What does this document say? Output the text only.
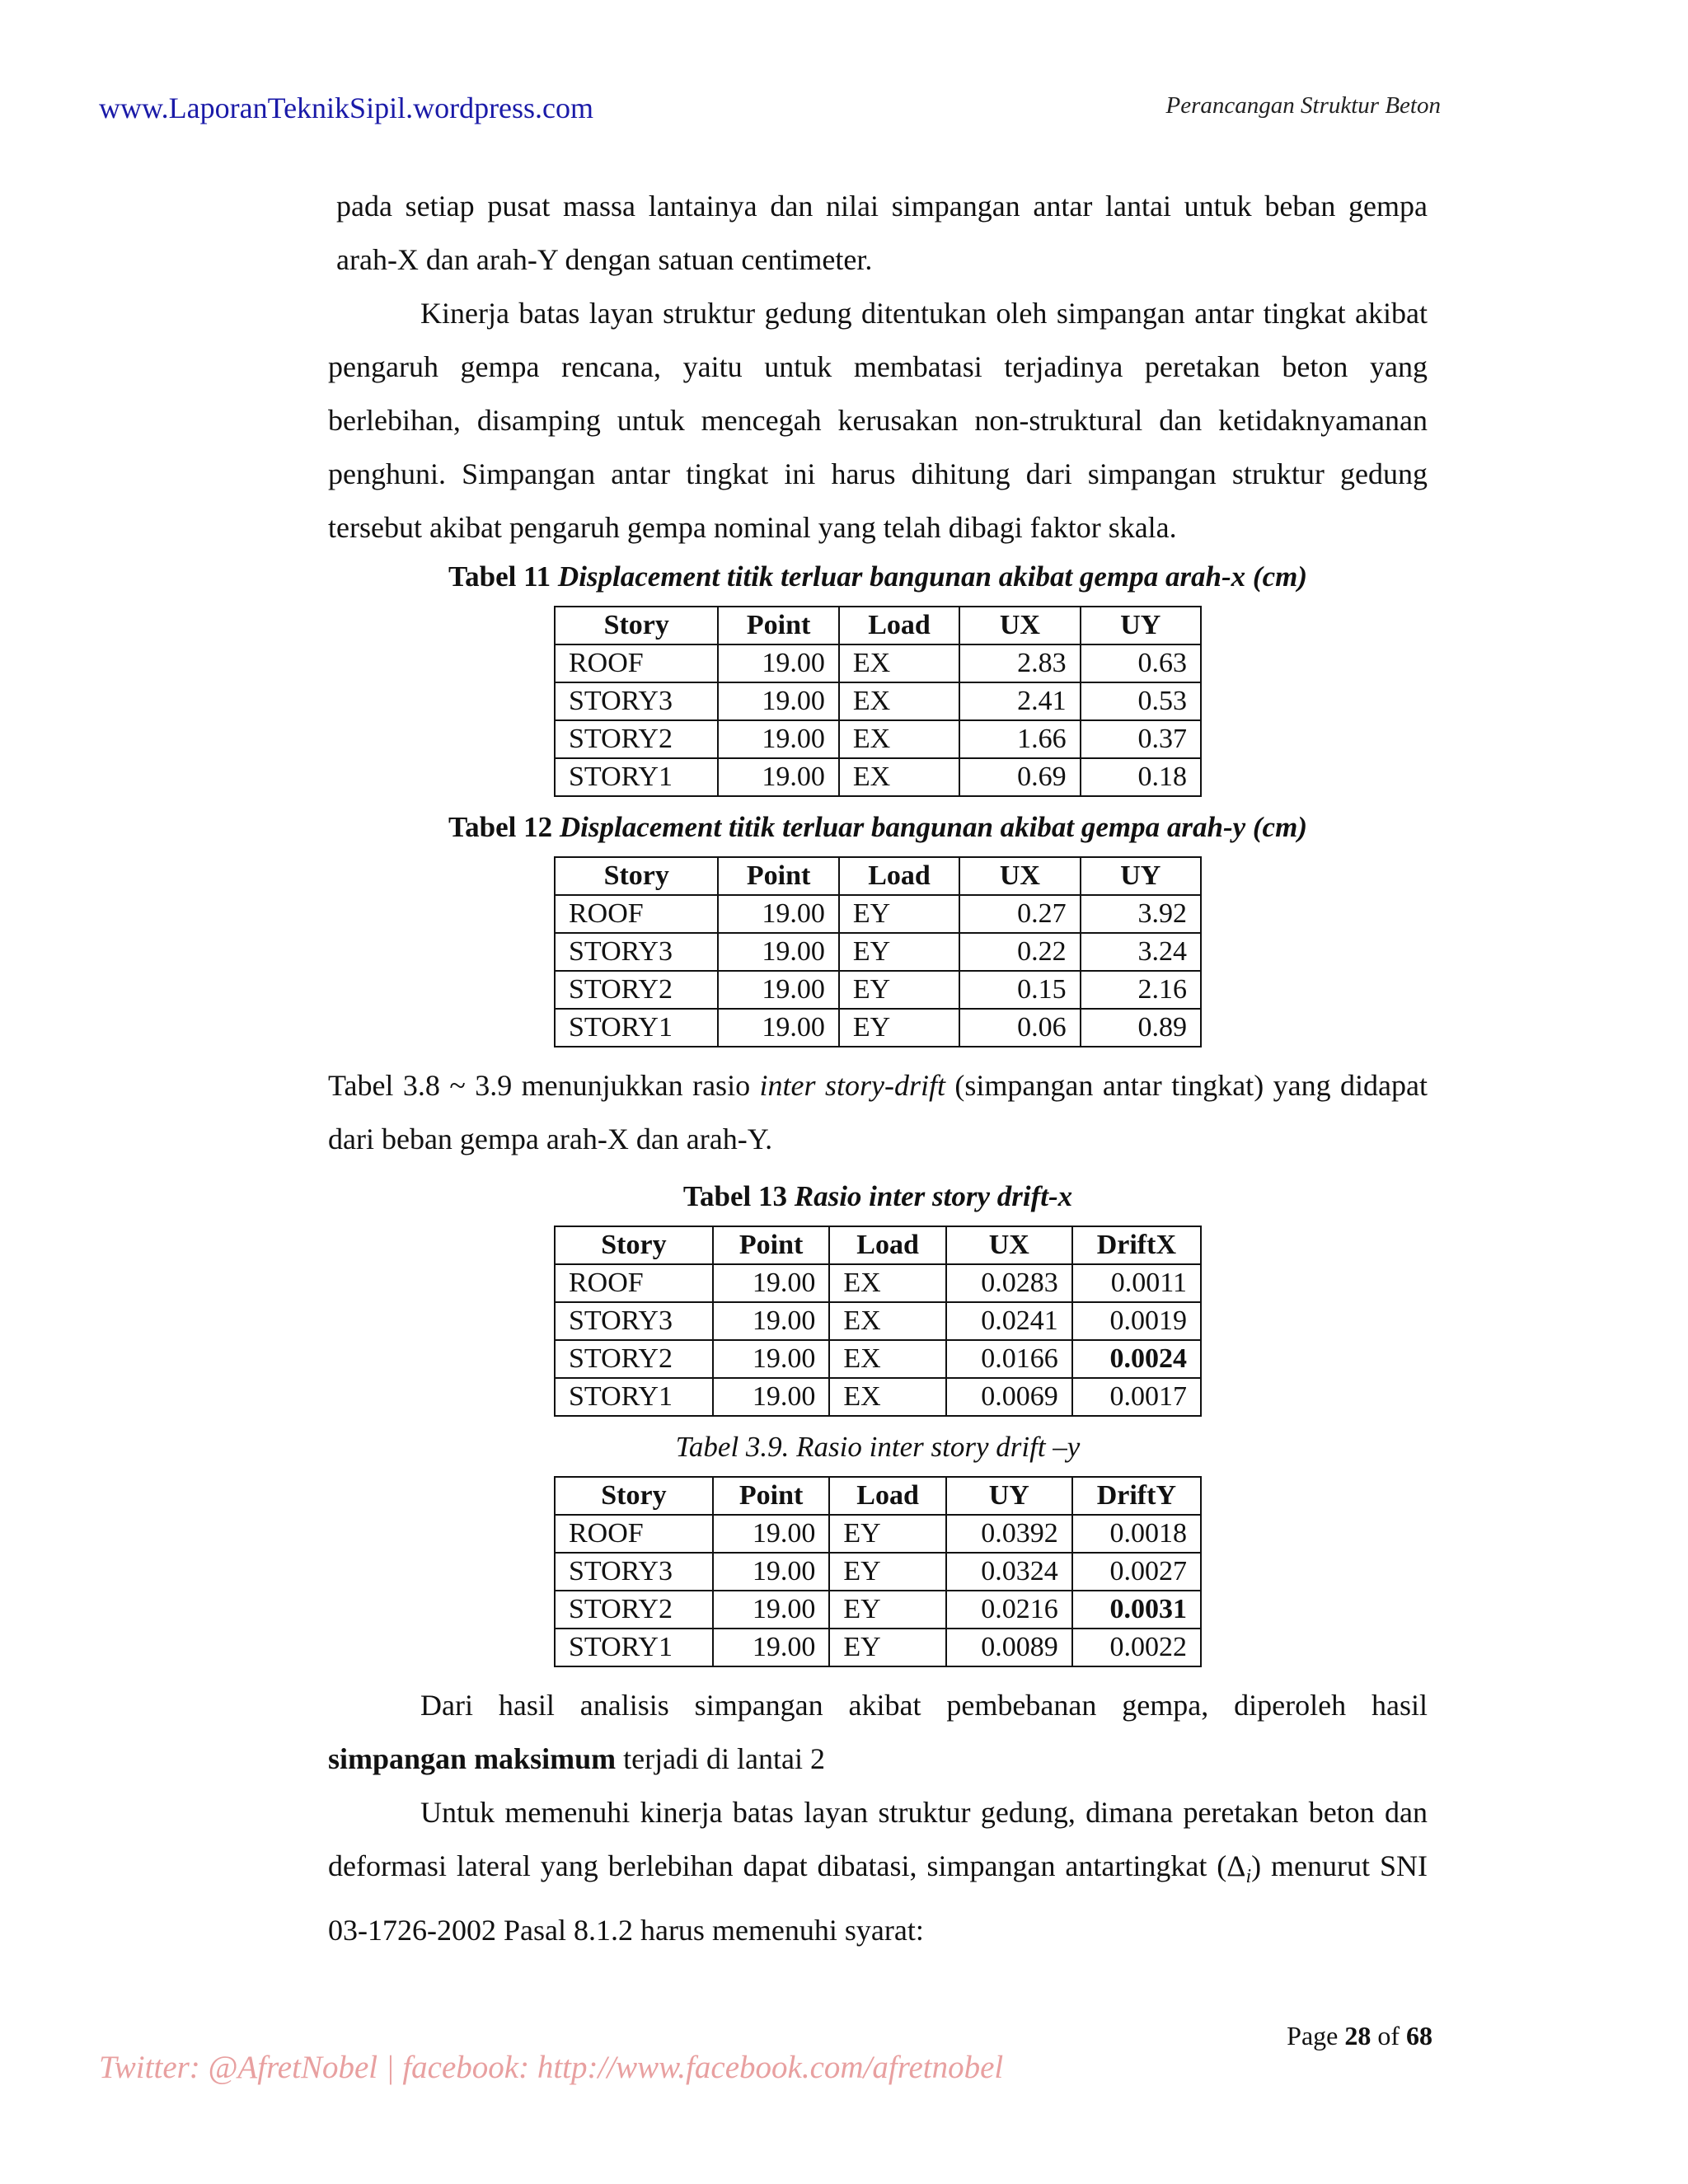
www.LaporanTeknikSipil.wordpress.com	Perancangan Struktur Beton

pada setiap pusat massa lantainya dan nilai simpangan antar lantai untuk beban gempa arah-X dan arah-Y dengan satuan centimeter.

Kinerja batas layan struktur gedung ditentukan oleh simpangan antar tingkat akibat pengaruh gempa rencana, yaitu untuk membatasi terjadinya peretakan beton yang berlebihan, disamping untuk mencegah kerusakan non-struktural dan ketidaknyamanan penghuni. Simpangan antar tingkat ini harus dihitung dari simpangan struktur gedung tersebut akibat pengaruh gempa nominal yang telah dibagi faktor skala.

Tabel 11 Displacement titik terluar bangunan akibat gempa arah-x (cm)
Story	Point	Load	UX	UY
ROOF	19.00	EX	2.83	0.63
STORY3	19.00	EX	2.41	0.53
STORY2	19.00	EX	1.66	0.37
STORY1	19.00	EX	0.69	0.18
Tabel 12 Displacement titik terluar bangunan akibat gempa arah-y (cm)
Story	Point	Load	UX	UY
ROOF	19.00	EY	0.27	3.92
STORY3	19.00	EY	0.22	3.24
STORY2	19.00	EY	0.15	2.16
STORY1	19.00	EY	0.06	0.89

Tabel 3.8 ~ 3.9 menunjukkan rasio inter story-drift (simpangan antar tingkat) yang didapat dari beban gempa arah-X dan arah-Y.

Tabel 13 Rasio inter story drift-x
Story	Point	Load	UX	DriftX
ROOF	19.00	EX	0.0283	0.0011
STORY3	19.00	EX	0.0241	0.0019
STORY2	19.00	EX	0.0166	0.0024
STORY1	19.00	EX	0.0069	0.0017
Tabel 3.9. Rasio inter story drift –y
Story	Point	Load	UY	DriftY
ROOF	19.00	EY	0.0392	0.0018
STORY3	19.00	EY	0.0324	0.0027
STORY2	19.00	EY	0.0216	0.0031
STORY1	19.00	EY	0.0089	0.0022

Dari hasil analisis simpangan akibat pembebanan gempa, diperoleh hasil simpangan maksimum terjadi di lantai 2

Untuk memenuhi kinerja batas layan struktur gedung, dimana peretakan beton dan deformasi lateral yang berlebihan dapat dibatasi, simpangan antartingkat $(\Delta_i)$ menurut SNI 03-1726-2002 Pasal 8.1.2 harus memenuhi syarat:

Page 28 of 68
Twitter: @AfretNobel | facebook: http://www.facebook.com/afretnobel
